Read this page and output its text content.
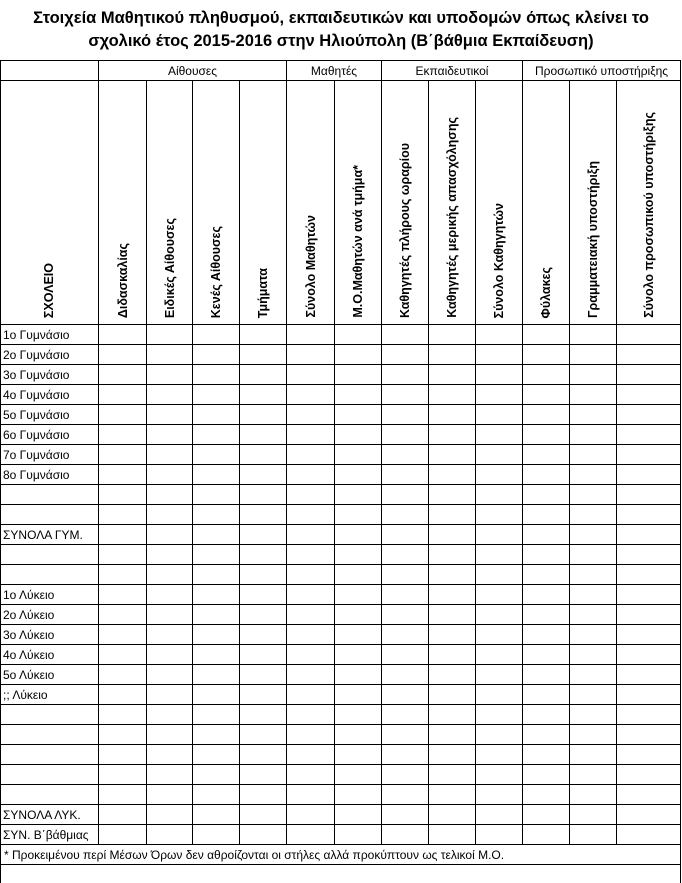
Στοιχεία Μαθητικού πληθυσμού, εκπαιδευτικών και υποδομών όπως κλείνει το
σχολικό έτος 2015-2016 στην Ηλιούπολη (Β΄βάθμια Εκπαίδευση)
	Αίθουσες				Μαθητές		Εκπαιδευτικοί			Προσωπικό υποστήριξης		

ΣΧΟΛΕΙΟ	Διδασκαλίας	Ειδικές Αίθουσες	Κενές Αίθουσες	Τμήματα	Σύνολο Μαθητών	Μ.Ο.Μαθητών ανά τμήμα*	Καθηγητές πλήρους ωραρίου	Καθηγητές μερικής απασχόλησης	Σύνολο Καθηγητών	Φύλακες	Γραμματειακή υποστήριξη	Σύνολο προσωπικού υποστήριξης

1ο Γυμνάσιο												
2ο Γυμνάσιο												
3ο Γυμνάσιο												
4ο Γυμνάσιο												
5ο Γυμνάσιο												
6ο Γυμνάσιο												
7ο Γυμνάσιο												
8ο Γυμνάσιο												

ΣΥΝΟΛΑ ΓΥΜ.												

1ο Λύκειο												
2ο Λύκειο												
3ο Λύκειο												
4ο Λύκειο												
5ο Λύκειο												
;; Λύκειο												

ΣΥΝΟΛΑ ΛΥΚ.												
ΣΥΝ. Β΄βάθμιας												
* Προκειμένου περί Μέσων Όρων δεν αθροίζονται οι στήλες αλλά προκύπτουν ως τελικοί Μ.Ο.												
